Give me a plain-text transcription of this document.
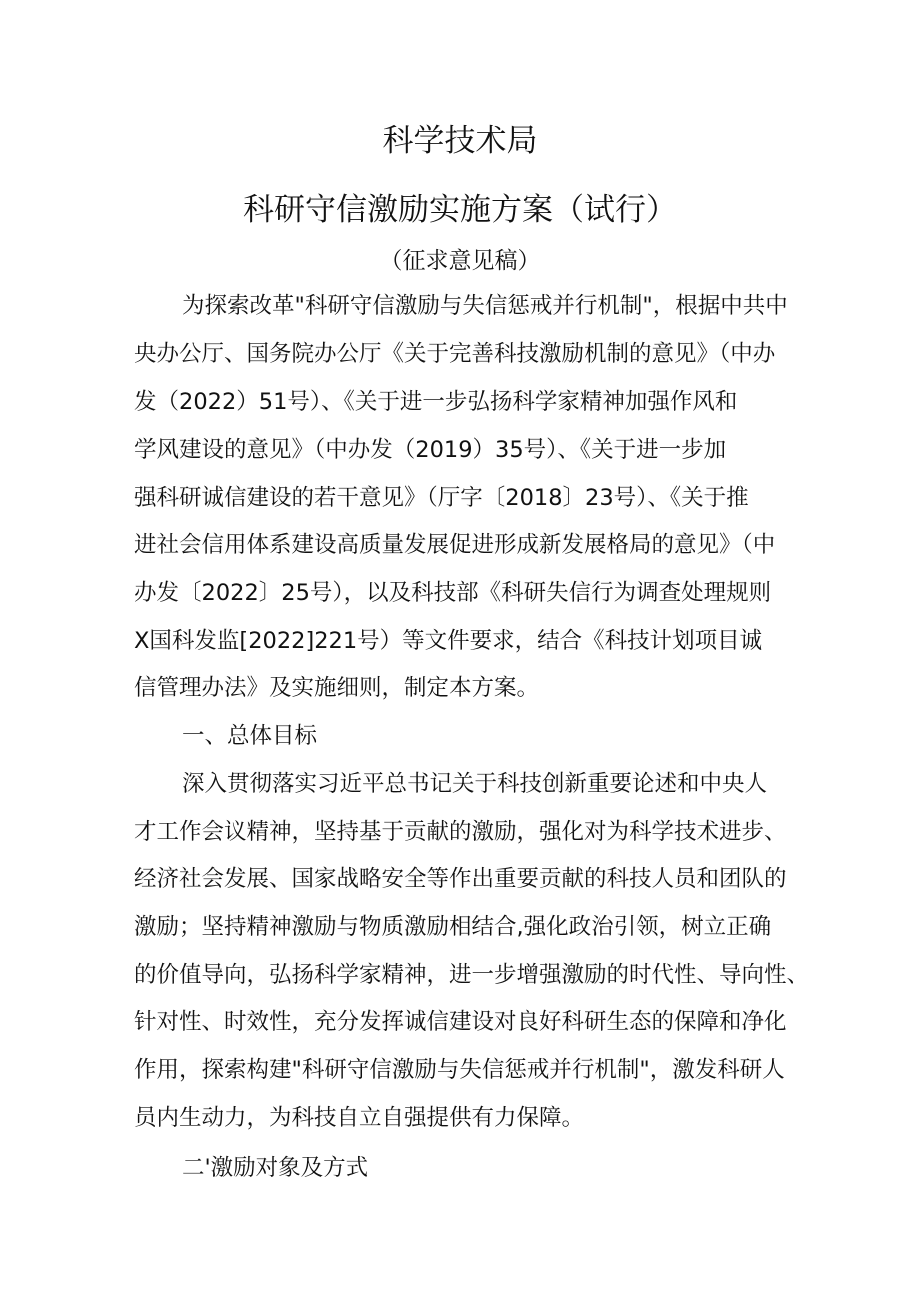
科学技术局
科研守信激励实施方案（试行）
（征求意见稿）
为探索改革"科研守信激励与失信惩戒并行机制"，根据中共中
央办公厅、国务院办公厅《关于完善科技激励机制的意见》（中办
发（2022）51号）、《关于进一步弘扬科学家精神加强作风和
学风建设的意见》（中办发（2019）35号）、《关于进一步加
强科研诚信建设的若干意见》（厅字〔2018〕23号）、《关于推
进社会信用体系建设高质量发展促进形成新发展格局的意见》（中
办发〔2022〕25号），以及科技部《科研失信行为调查处理规则
X国科发监[2022]221号）等文件要求，结合《科技计划项目诚
信管理办法》及实施细则，制定本方案。
一、总体目标
深入贯彻落实习近平总书记关于科技创新重要论述和中央人
才工作会议精神，坚持基于贡献的激励，强化对为科学技术进步、
经济社会发展、国家战略安全等作出重要贡献的科技人员和团队的
激励；坚持精神激励与物质激励相结合,强化政治引领，树立正确
的价值导向，弘扬科学家精神，进一步增强激励的时代性、导向性、
针对性、时效性，充分发挥诚信建设对良好科研生态的保障和净化
作用，探索构建"科研守信激励与失信惩戒并行机制"，激发科研人
员内生动力，为科技自立自强提供有力保障。
二'激励对象及方式
